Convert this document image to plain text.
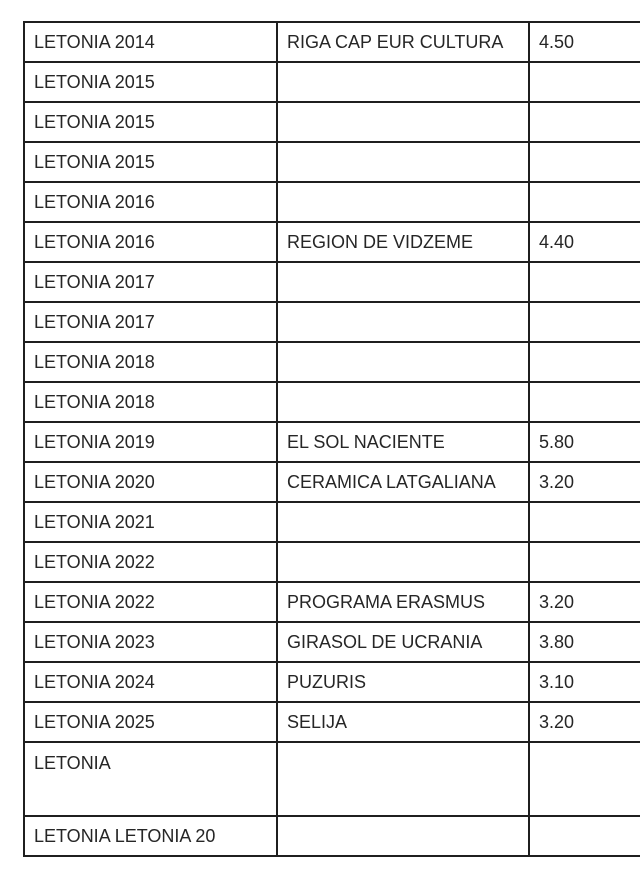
LETONIA 2014	RIGA CAP EUR CULTURA	4.50
LETONIA 2015		
LETONIA 2015		
LETONIA 2015		
LETONIA 2016		
LETONIA 2016	REGION DE VIDZEME	4.40
LETONIA 2017		
LETONIA 2017		
LETONIA 2018		
LETONIA 2018		
LETONIA 2019	EL SOL NACIENTE	5.80
LETONIA 2020	CERAMICA LATGALIANA	3.20
LETONIA 2021		
LETONIA 2022		
LETONIA 2022	PROGRAMA ERASMUS	3.20
LETONIA 2023	GIRASOL DE UCRANIA	3.80
LETONIA 2024	PUZURIS	3.10
LETONIA 2025	SELIJA	3.20
LETONIA		
LETONIA LETONIA 20		
